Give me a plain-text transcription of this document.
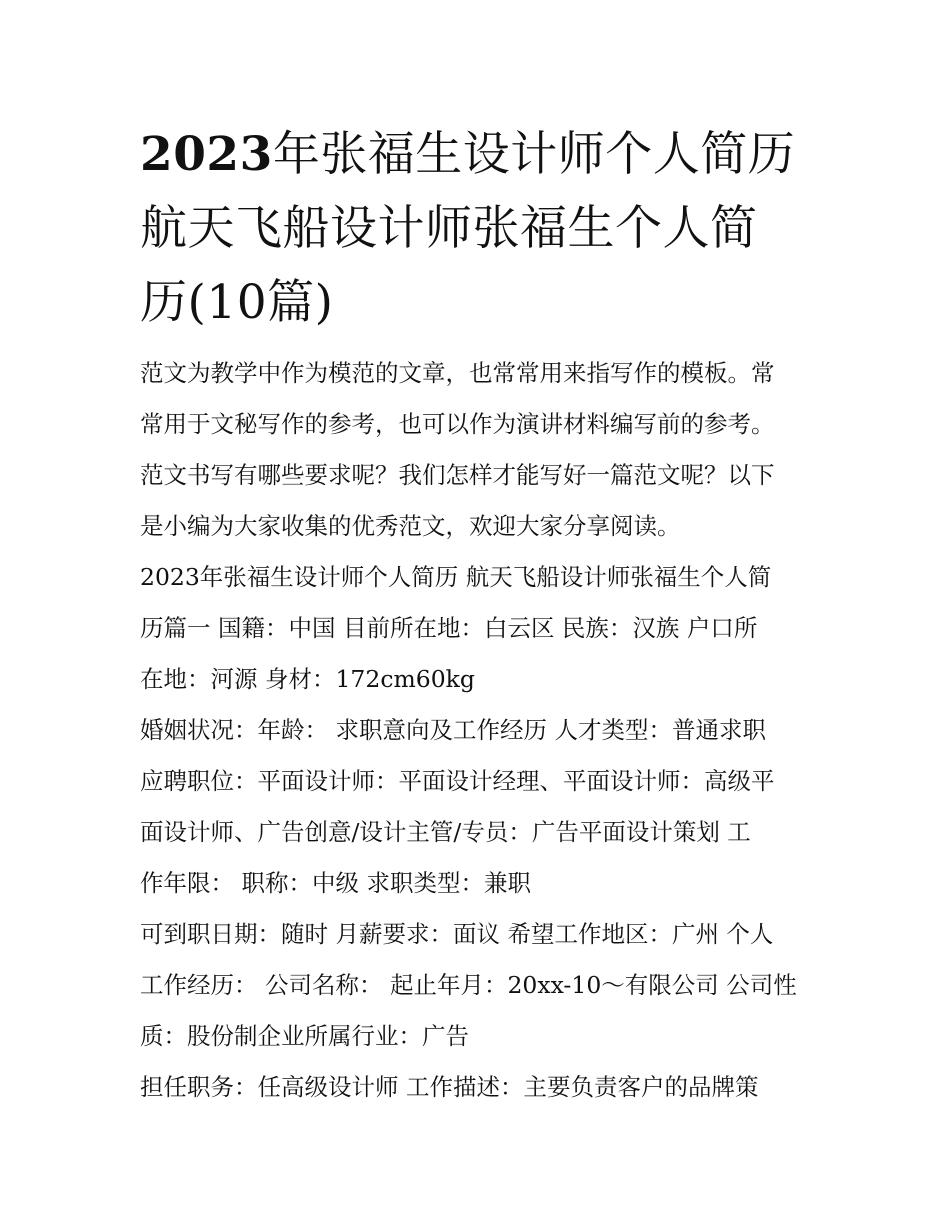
2023年张福生设计师个人简历
航天飞船设计师张福生个人简
历(10篇)
范文为教学中作为模范的文章，也常常用来指写作的模板。常
常用于文秘写作的参考，也可以作为演讲材料编写前的参考。
范文书写有哪些要求呢？我们怎样才能写好一篇范文呢？以下
是小编为大家收集的优秀范文，欢迎大家分享阅读。
2023年张福生设计师个人简历 航天飞船设计师张福生个人简
历篇一 国籍：中国 目前所在地：白云区 民族：汉族 户口所
在地：河源 身材：172cm60kg
婚姻状况：年龄： 求职意向及工作经历 人才类型：普通求职
应聘职位：平面设计师：平面设计经理、平面设计师：高级平
面设计师、广告创意/设计主管/专员：广告平面设计策划 工
作年限： 职称：中级 求职类型：兼职
可到职日期：随时 月薪要求：面议 希望工作地区：广州 个人
工作经历： 公司名称： 起止年月：20xx-10～有限公司 公司性
质：股份制企业所属行业：广告
担任职务：任高级设计师 工作描述：主要负责客户的品牌策
